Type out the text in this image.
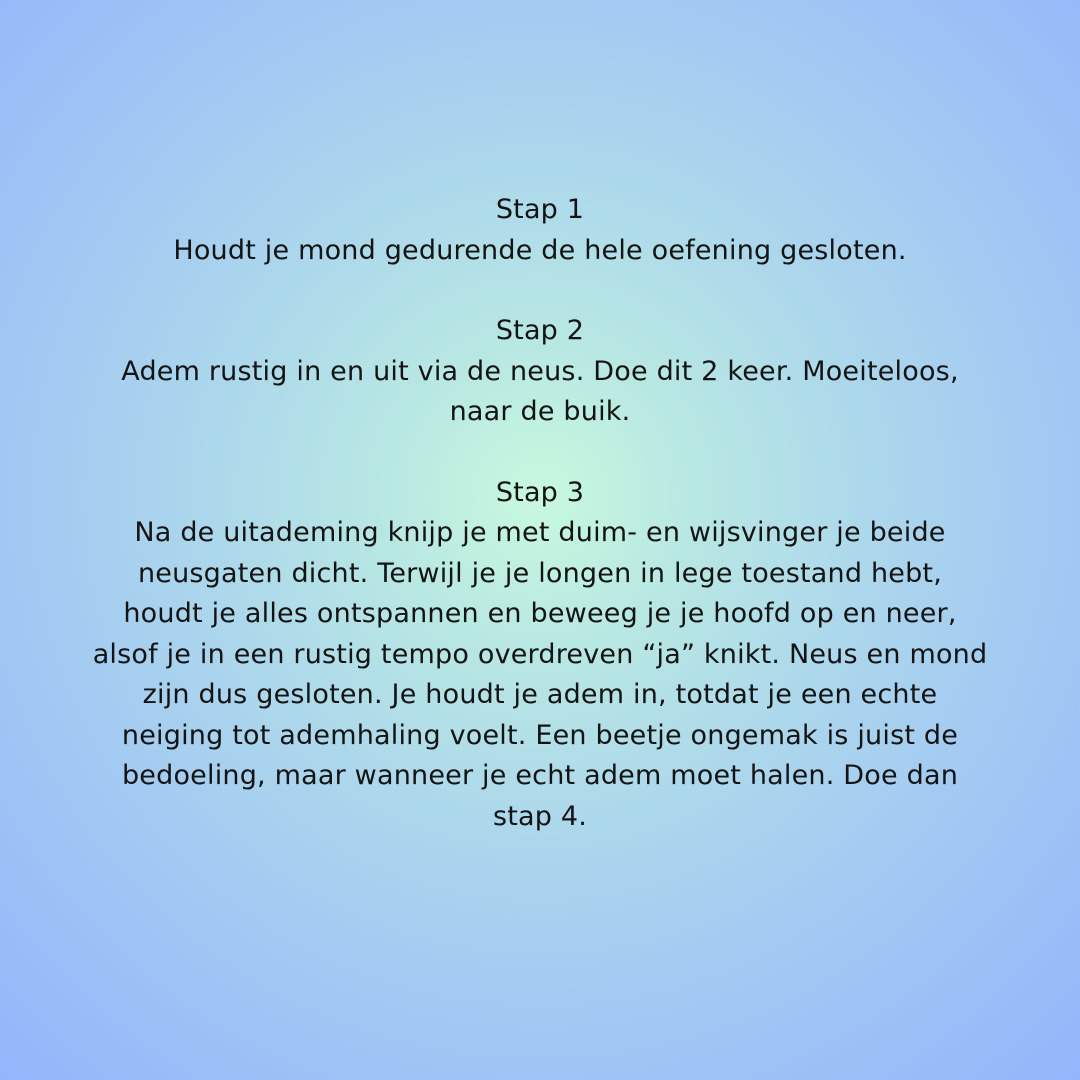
Stap 1
Houdt je mond gedurende de hele oefening gesloten.
Stap 2
Adem rustig in en uit via de neus. Doe dit 2 keer. Moeiteloos,
naar de buik.
Stap 3
Na de uitademing knijp je met duim- en wijsvinger je beide
neusgaten dicht. Terwijl je je longen in lege toestand hebt,
houdt je alles ontspannen en beweeg je je hoofd op en neer,
alsof je in een rustig tempo overdreven “ja” knikt. Neus en mond
zijn dus gesloten. Je houdt je adem in, totdat je een echte
neiging tot ademhaling voelt. Een beetje ongemak is juist de
bedoeling, maar wanneer je echt adem moet halen. Doe dan
stap 4.
